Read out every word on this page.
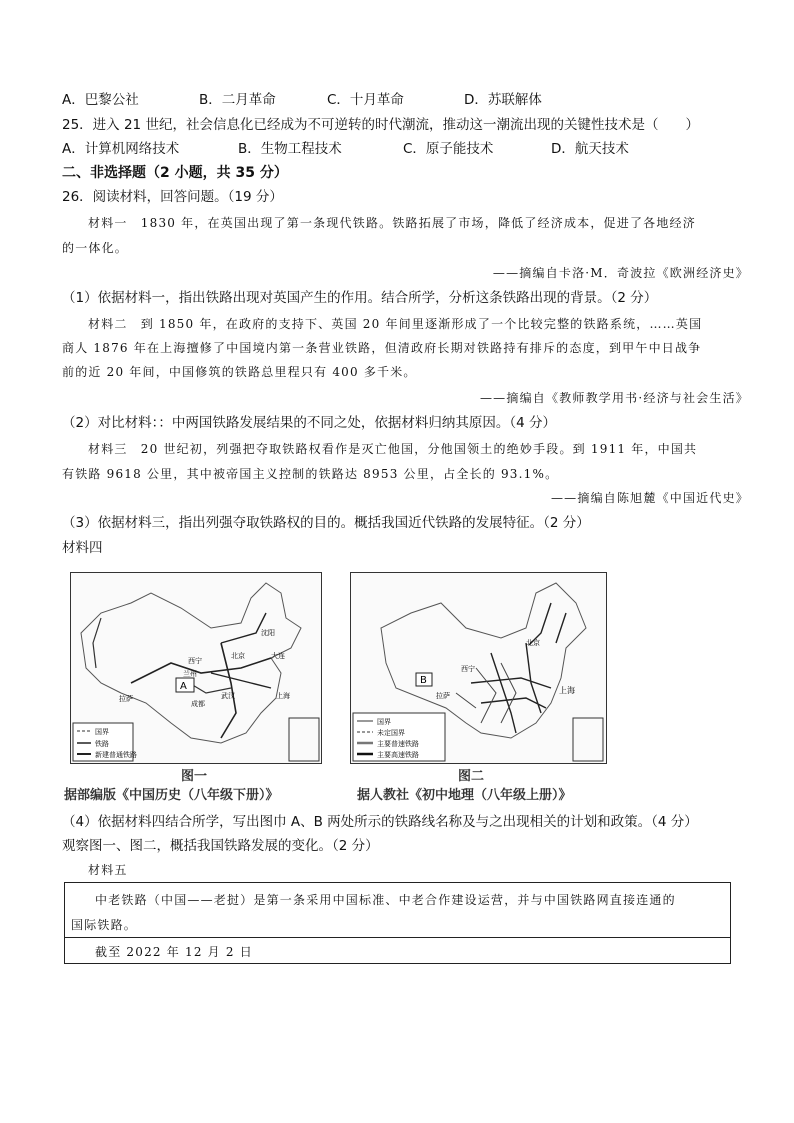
A．巴黎公社	B．二月革命	C．十月革命	D．苏联解体
25．进入 21 世纪，社会信息化已经成为不可逆转的时代潮流，推动这一潮流出现的关键性技术是（　　）
A．计算机网络技术	B．生物工程技术	C．原子能技术	D．航天技术
二、非选择题（2 小题，共 35 分）
26．阅读材料，回答问题。（19 分）
材料一　1830 年，在英国出现了第一条现代铁路。铁路拓展了市场，降低了经济成本，促进了各地经济
的一体化。
——摘编自卡洛·M．奇波拉《欧洲经济史》
（1）依据材料一，指出铁路出现对英国产生的作用。结合所学，分析这条铁路出现的背景。（2 分）
材料二　到 1850 年，在政府的支持下、英国 20 年间里逐渐形成了一个比较完整的铁路系统，……英国
商人 1876 年在上海擅修了中国境内第一条营业铁路，但清政府长期对铁路持有排斥的态度，到甲午中日战争
前的近 20 年间，中国修筑的铁路总里程只有 400 多千米。
——摘编自《教师教学用书·经济与社会生活》
（2）对比材料：：中两国铁路发展结果的不同之处，依据材料归纳其原因。（4 分）
材料三　20 世纪初，列强把夺取铁路权看作是灭亡他国，分他国领土的绝妙手段。到 1911 年，中国共
有铁路 9618 公里，其中被帝国主义控制的铁路达 8953 公里，占全长的 93.1%。
——摘编自陈旭麓《中国近代史》
（3）依据材料三，指出列强夺取铁路权的目的。概括我国近代铁路的发展特征。（2 分）
材料四
A
西宁
兰州
拉萨	武汉
成都
北京
沈阳
大连
上海
国界
铁路
新建普通铁路
B
北京
西宁
拉萨
上海
国界
未定国界
主要普速铁路
主要高速铁路
图一
据部编版《中国历史（八年级下册）》
图二
据人教社《初中地理（八年级上册）》
（4）依据材料四结合所学，写出图巾 A、B 两处所示的铁路线名称及与之出现相关的计划和政策。（4 分）
观察图一、图二，概括我国铁路发展的变化。（2 分）
材料五
中老铁路（中国——老挝）是第一条采用中国标准、中老合作建设运营，并与中国铁路网直接连通的
国际铁路。
截至 2022 年 12 月 2 日
